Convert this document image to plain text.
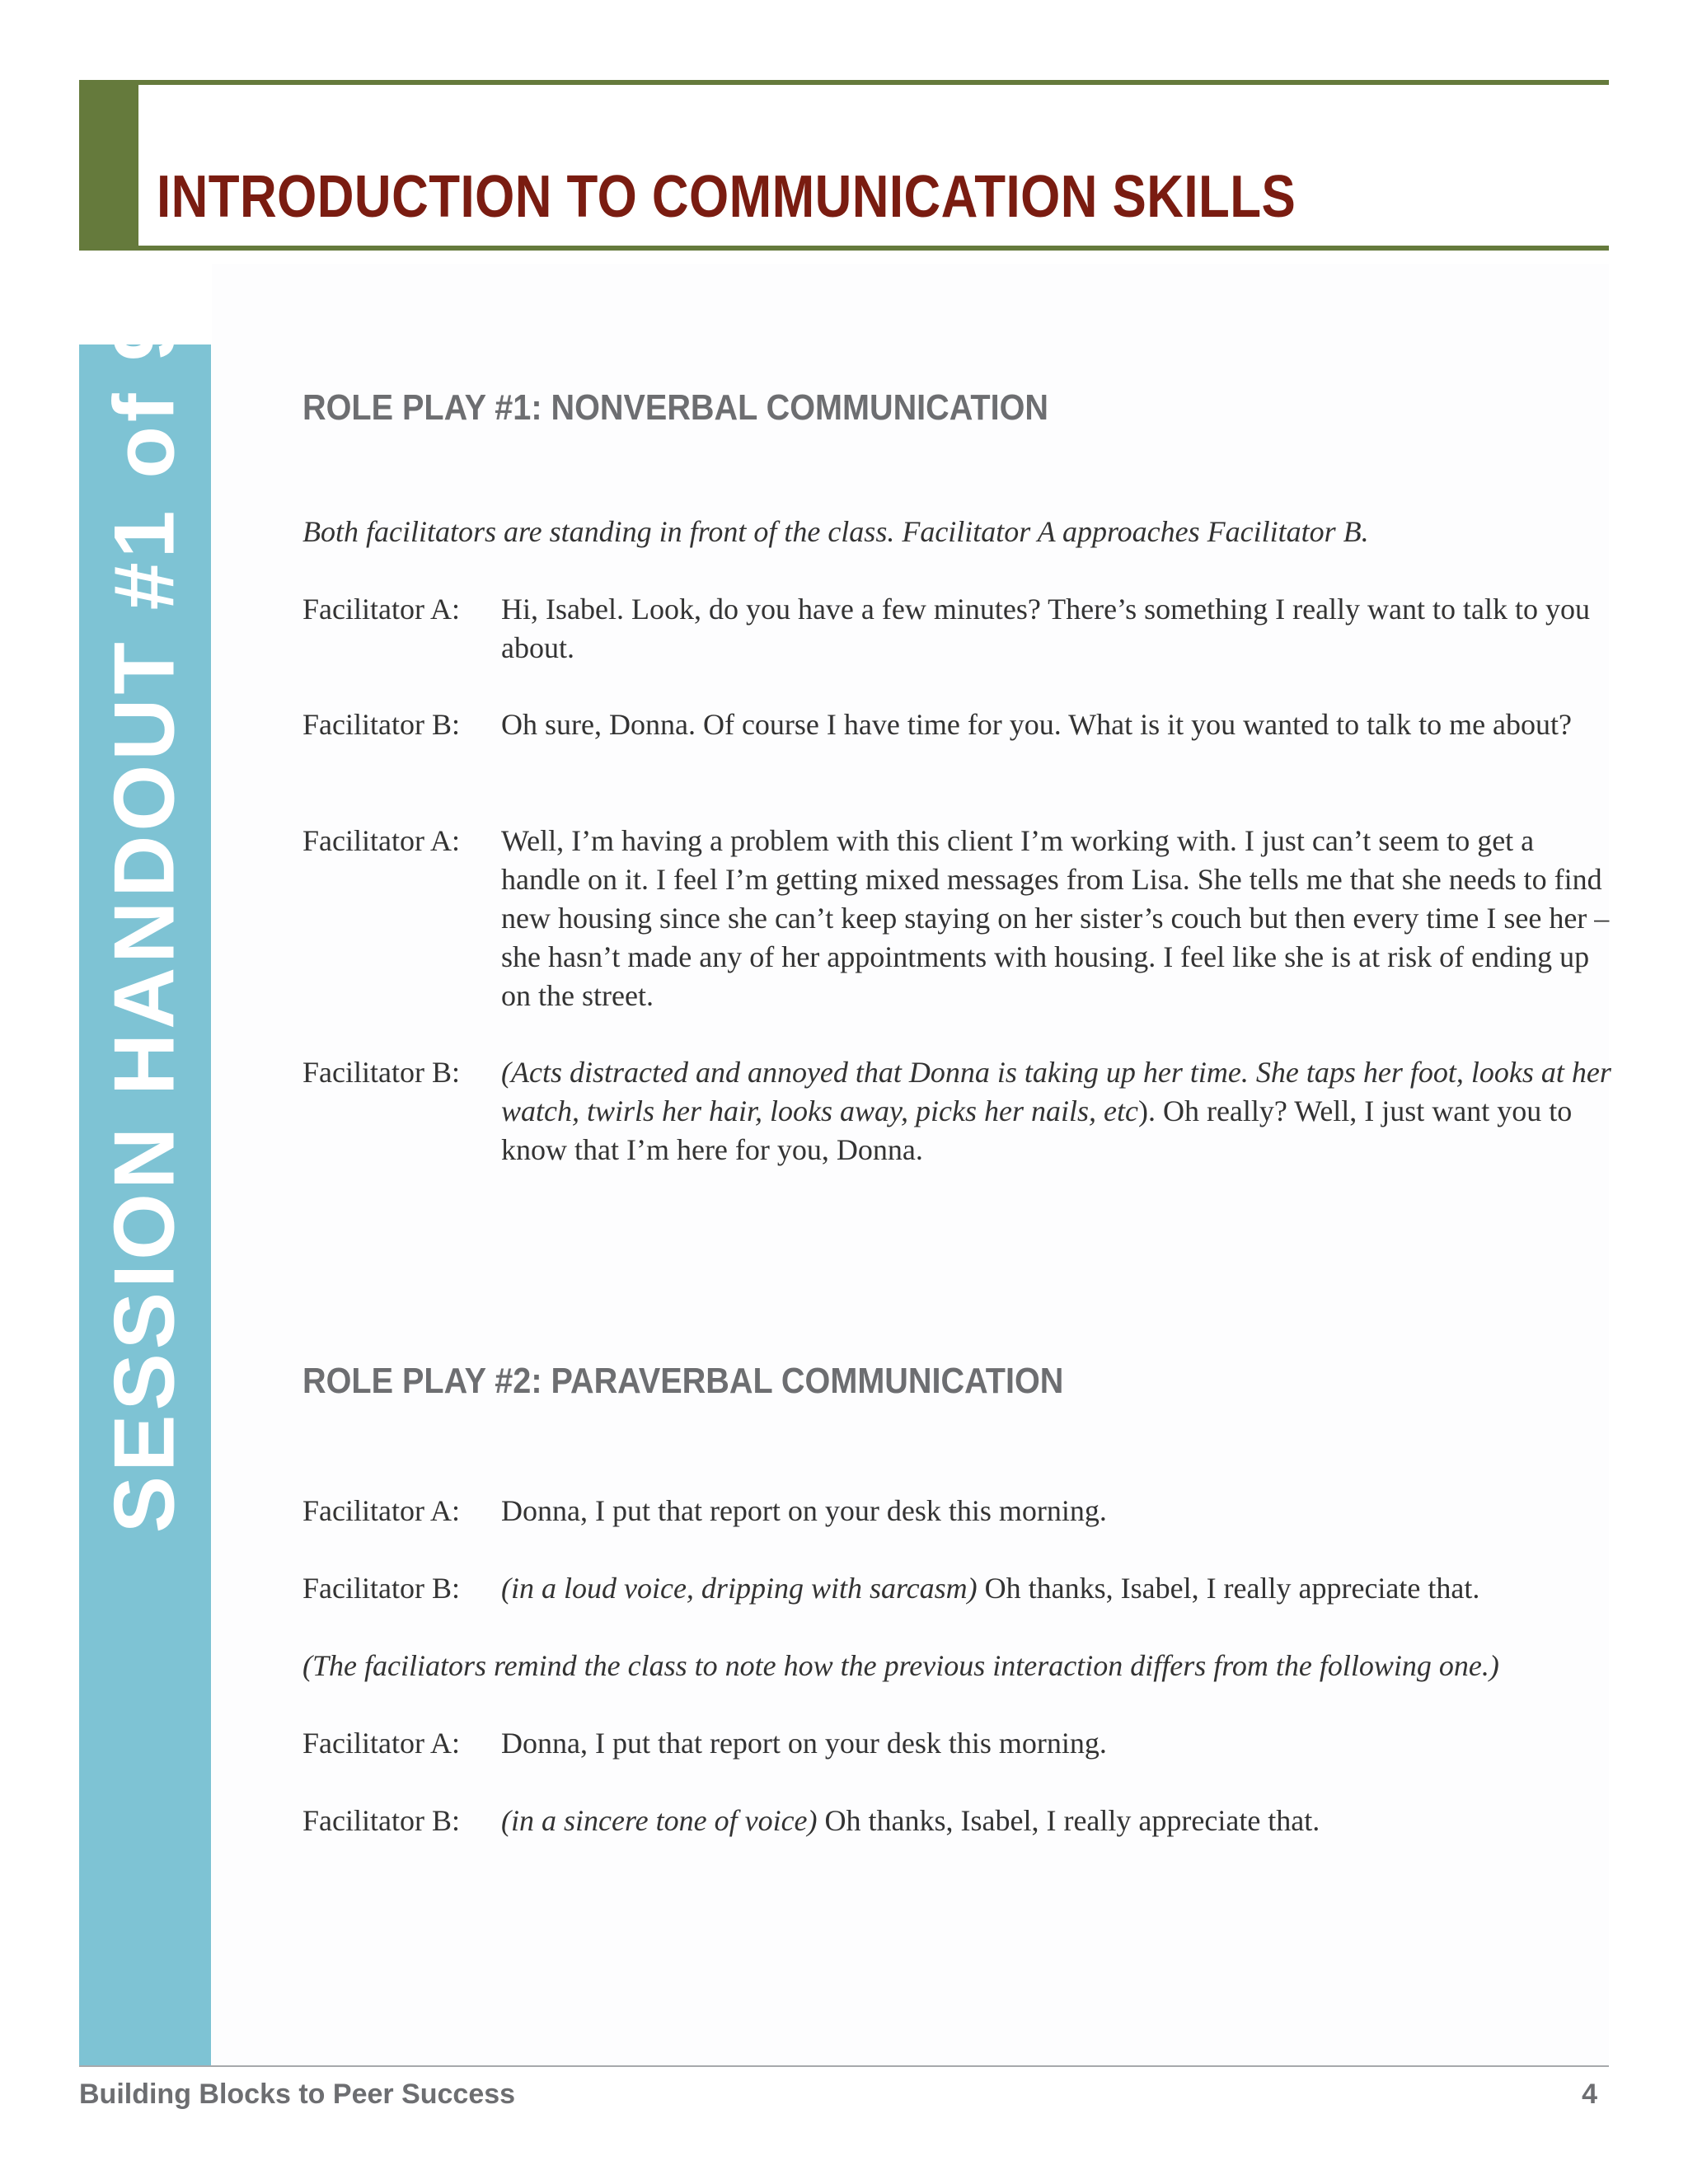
INTRODUCTION TO COMMUNICATION SKILLS
SESSION HANDOUT #1 of 9	ROLE PLAY #1: NONVERBAL COMMUNICATION
Both facilitators are standing in front of the class. Facilitator A approaches Facilitator B.
Facilitator A: Hi, Isabel. Look, do you have a few minutes? There’s something I really want to talk to you about.
Facilitator B: Oh sure, Donna. Of course I have time for you. What is it you wanted to talk to me about?
Facilitator A: Well, I’m having a problem with this client I’m working with. I just can’t seem to get a handle on it. I feel I’m getting mixed messages from Lisa. She tells me that she needs to find new housing since she can’t keep staying on her sister’s couch but then every time I see her – she hasn’t made any of her appointments with housing. I feel like she is at risk of ending up on the street.
Facilitator B: (Acts distracted and annoyed that Donna is taking up her time. She taps her foot, looks at her watch, twirls her hair, looks away, picks her nails, etc). Oh really? Well, I just want you to know that I’m here for you, Donna.
ROLE PLAY #2: PARAVERBAL COMMUNICATION
Facilitator A: Donna, I put that report on your desk this morning.
Facilitator B: (in a loud voice, dripping with sarcasm) Oh thanks, Isabel, I really appreciate that.
(The faciliators remind the class to note how the previous interaction differs from the following one.)
Facilitator A: Donna, I put that report on your desk this morning.
Facilitator B: (in a sincere tone of voice) Oh thanks, Isabel, I really appreciate that.
Building Blocks to Peer Success	4
